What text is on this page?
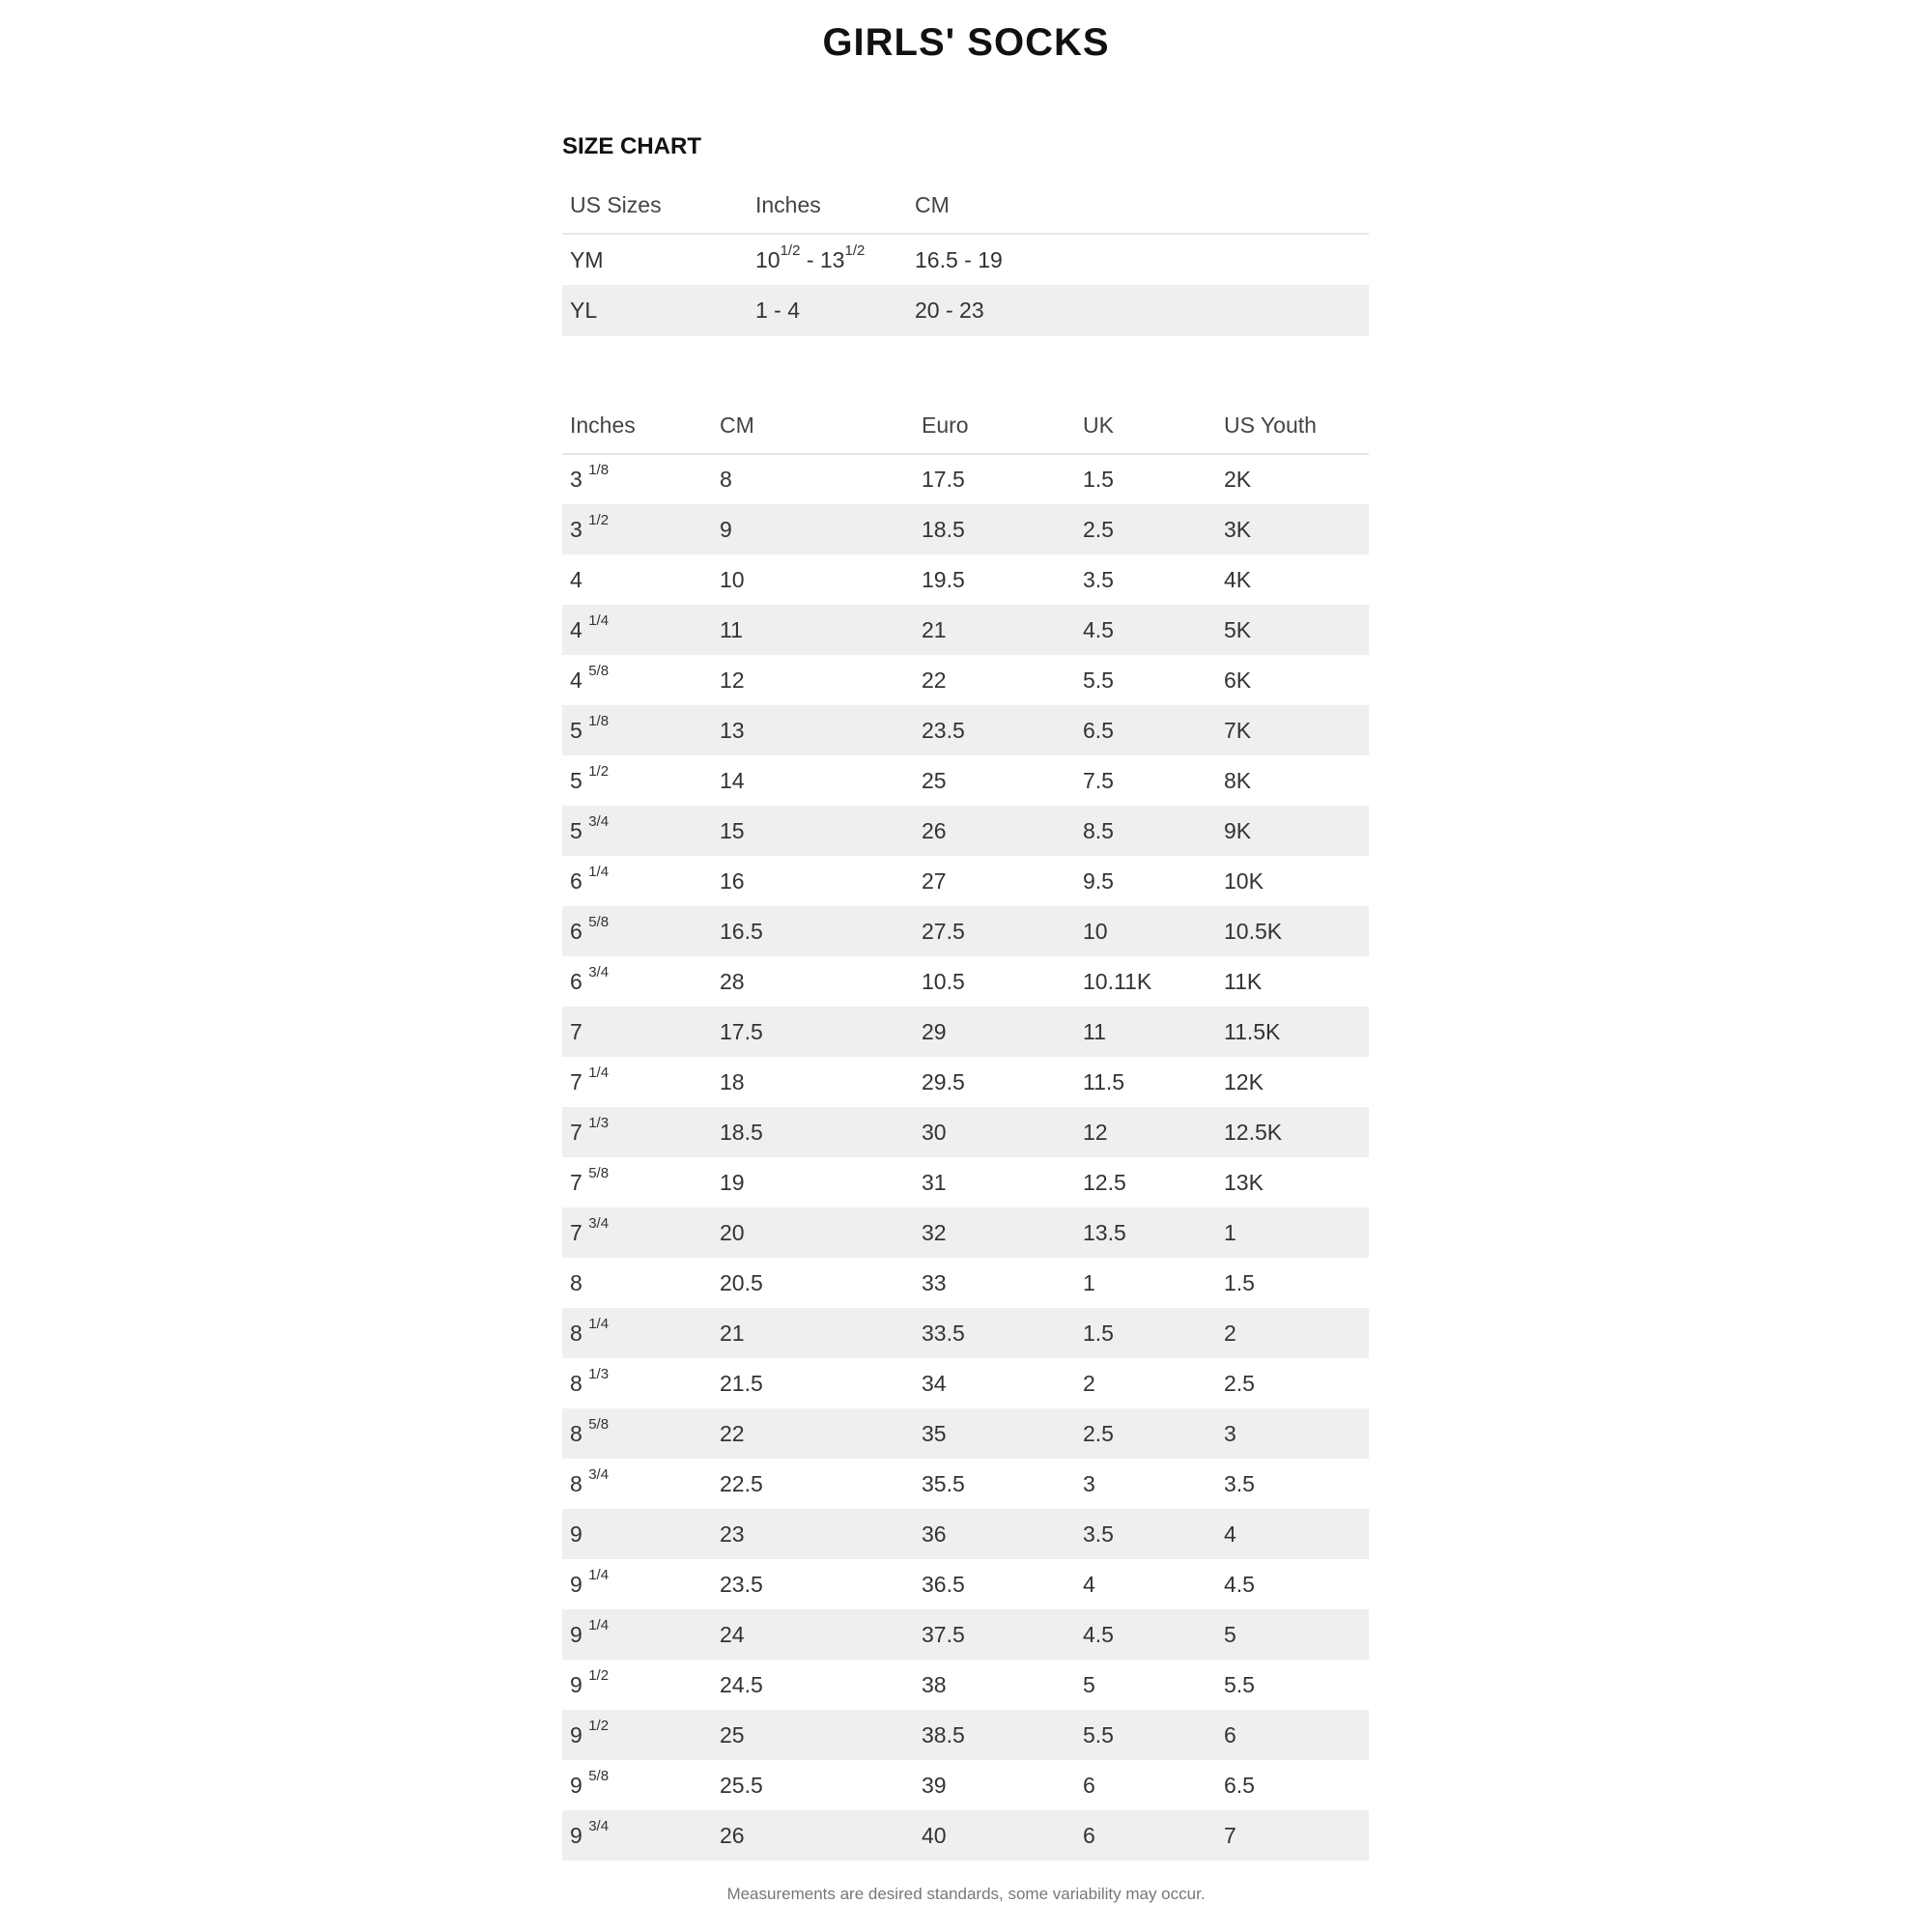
GIRLS' SOCKS
SIZE CHART
US Sizes	Inches	CM
YM	$10^{1/2} - 13^{1/2}$	16.5 - 19
YL	1 - 4	20 - 23
Inches	CM	Euro	UK	US Youth
3 $^{1/8}$	8	17.5	1.5	2K
3 $^{1/2}$	9	18.5	2.5	3K
4	10	19.5	3.5	4K
4 $^{1/4}$	11	21	4.5	5K
4 $^{5/8}$	12	22	5.5	6K
5 $^{1/8}$	13	23.5	6.5	7K
5 $^{1/2}$	14	25	7.5	8K
5 $^{3/4}$	15	26	8.5	9K
6 $^{1/4}$	16	27	9.5	10K
6 $^{5/8}$	16.5	27.5	10	10.5K
6 $^{3/4}$	28	10.5	10.11K	11K
7	17.5	29	11	11.5K
7 $^{1/4}$	18	29.5	11.5	12K
7 $^{1/3}$	18.5	30	12	12.5K
7 $^{5/8}$	19	31	12.5	13K
7 $^{3/4}$	20	32	13.5	1
8	20.5	33	1	1.5
8 $^{1/4}$	21	33.5	1.5	2
8 $^{1/3}$	21.5	34	2	2.5
8 $^{5/8}$	22	35	2.5	3
8 $^{3/4}$	22.5	35.5	3	3.5
9	23	36	3.5	4
9 $^{1/4}$	23.5	36.5	4	4.5
9 $^{1/4}$	24	37.5	4.5	5
9 $^{1/2}$	24.5	38	5	5.5
9 $^{1/2}$	25	38.5	5.5	6
9 $^{5/8}$	25.5	39	6	6.5
9 $^{3/4}$	26	40	6	7
Measurements are desired standards, some variability may occur.
